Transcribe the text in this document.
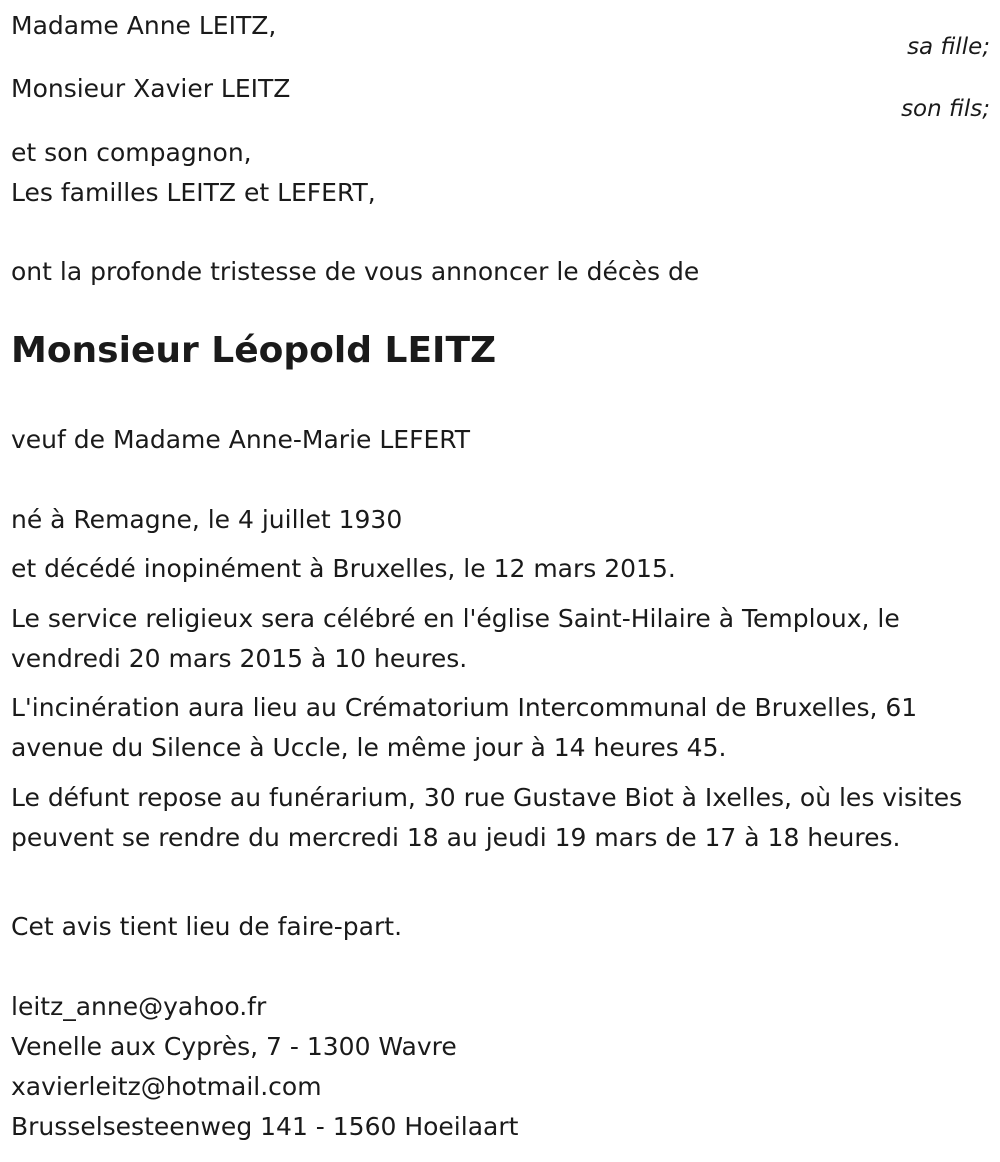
Madame Anne LEITZ,
sa fille;
Monsieur Xavier LEITZ
son fils;
et son compagnon,
Les familles LEITZ et LEFERT,
ont la profonde tristesse de vous annoncer le décès de
Monsieur Léopold LEITZ
veuf de Madame Anne-Marie LEFERT
né à Remagne, le 4 juillet 1930
et décédé inopinément à Bruxelles, le 12 mars 2015.
Le service religieux sera célébré en l'église Saint-Hilaire à Temploux, le vendredi 20 mars 2015 à 10 heures.
L'incinération aura lieu au Crématorium Intercommunal de Bruxelles, 61 avenue du Silence à Uccle, le même jour à 14 heures 45.
Le défunt repose au funérarium, 30 rue Gustave Biot à Ixelles, où les visites peuvent se rendre du mercredi 18 au jeudi 19 mars de 17 à 18 heures.
Cet avis tient lieu de faire-part.
leitz_anne@yahoo.fr
Venelle aux Cyprès, 7 - 1300 Wavre
xavierleitz@hotmail.com
Brusselsesteenweg 141 - 1560 Hoeilaart
